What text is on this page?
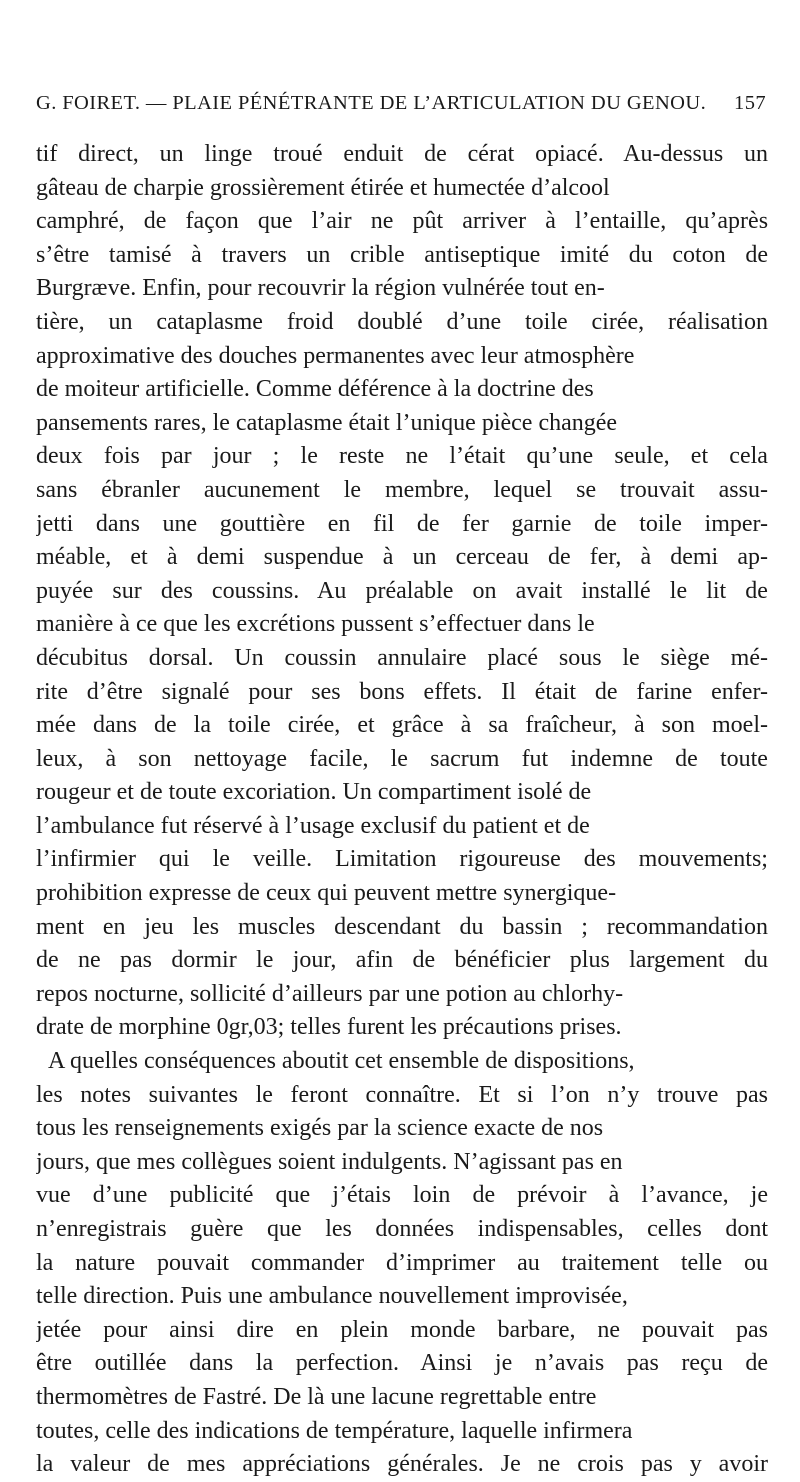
G. FOIRET. — PLAIE PÉNÉTRANTE DE L’ARTICULATION DU GENOU. 157
tif direct, un linge troué enduit de cérat opiacé. Au-dessus un
gâteau de charpie grossièrement étirée et humectée d’alcool
camphré, de façon que l’air ne pût arriver à l’entaille, qu’après
s’être tamisé à travers un crible antiseptique imité du coton de
Burgræve. Enfin, pour recouvrir la région vulnérée tout en-
tière, un cataplasme froid doublé d’une toile cirée, réalisation
approximative des douches permanentes avec leur atmosphère
de moiteur artificielle. Comme déférence à la doctrine des
pansements rares, le cataplasme était l’unique pièce changée
deux fois par jour ; le reste ne l’était qu’une seule, et cela
sans ébranler aucunement le membre, lequel se trouvait assu-
jetti dans une gouttière en fil de fer garnie de toile imper-
méable, et à demi suspendue à un cerceau de fer, à demi ap-
puyée sur des coussins. Au préalable on avait installé le lit de
manière à ce que les excrétions pussent s’effectuer dans le
décubitus dorsal. Un coussin annulaire placé sous le siège mé-
rite d’être signalé pour ses bons effets. Il était de farine enfer-
mée dans de la toile cirée, et grâce à sa fraîcheur, à son moel-
leux, à son nettoyage facile, le sacrum fut indemne de toute
rougeur et de toute excoriation. Un compartiment isolé de
l’ambulance fut réservé à l’usage exclusif du patient et de
l’infirmier qui le veille. Limitation rigoureuse des mouvements;
prohibition expresse de ceux qui peuvent mettre synergique-
ment en jeu les muscles descendant du bassin ; recommandation
de ne pas dormir le jour, afin de bénéficier plus largement du
repos nocturne, sollicité d’ailleurs par une potion au chlorhy-
drate de morphine 0gr,03; telles furent les précautions prises.
A quelles conséquences aboutit cet ensemble de dispositions,
les notes suivantes le feront connaître. Et si l’on n’y trouve pas
tous les renseignements exigés par la science exacte de nos
jours, que mes collègues soient indulgents. N’agissant pas en
vue d’une publicité que j’étais loin de prévoir à l’avance, je
n’enregistrais guère que les données indispensables, celles dont
la nature pouvait commander d’imprimer au traitement telle ou
telle direction. Puis une ambulance nouvellement improvisée,
jetée pour ainsi dire en plein monde barbare, ne pouvait pas
être outillée dans la perfection. Ainsi je n’avais pas reçu de
thermomètres de Fastré. De là une lacune regrettable entre
toutes, celle des indications de température, laquelle infirmera
la valeur de mes appréciations générales. Je ne crois pas y avoir
